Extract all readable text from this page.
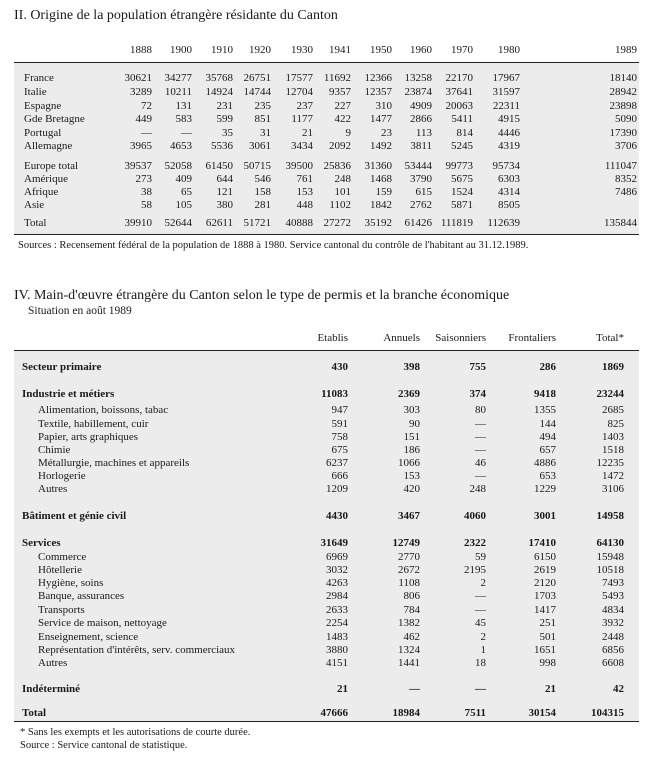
II. Origine de la population étrangère résidante du Canton
1888 1900 1910 1920 1930 1941 1950 1960 1970 1980	1989
France	30621 34277 35768 26751 17577 11692 12366 13258 22170 17967	18140
Italie	3289 10211 14924 14744 12704 9357 12357 23874 37641 31597	28942
Espagne	72 131 231 235 237 227 310 4909 20063 22311	23898
Gde Bretagne	449 583 599 851 1177 422 1477 2866 5411 4915	5090
Portugal	—	—	35 31	21	9	23 113 814 4446	17390
Allemagne	3965 4653 5536 3061 3434 2092 1492 3811 5245 4319	3706
Europe total	39537 52058 61450 50715 39500 25836 31360 53444 99773 95734	111047
Amérique	273 409 644 546 761 248 1468 3790 5675 6303	8352
Afrique	38	65 121 158 153 101 159 615 1524 4314	7486
Asie	58 105 380 281 448 1102 1842 2762 5871 8505
Total	39910 52644 62611 51721 40888 27272 35192 61426 111819 112639	135844
Sources : Recensement fédéral de la population de 1888 à 1980. Service cantonal du contrôle de l'habitant au 31.12.1989.
IV. Main-d'œuvre étrangère du Canton selon le type de permis et la branche économique
Situation en août 1989
Etablis	Annuels Saisonniers Frontaliers	Total*
Secteur primaire	430	398	755	286	1869
Industrie et métiers	11083	2369	374	9418	23244
Alimentation, boissons, tabac	947	303	80	1355	2685
Textile, habillement, cuir	591	90	—	144	825
Papier, arts graphiques	758	151	—	494	1403
Chimie	675	186	—	657	1518
Métallurgie, machines et appareils	6237	1066	46	4886	12235
Horlogerie	666	153	—	653	1472
Autres	1209	420	248	1229	3106
Bâtiment et génie civil	4430	3467	4060	3001	14958
Services	31649	12749	2322	17410	64130
Commerce	6969	2770	59	6150	15948
Hôtellerie	3032	2672	2195	2619	10518
Hygiène, soins	4263	1108	2	2120	7493
Banque, assurances	2984	806	—	1703	5493
Transports	2633	784	—	1417	4834
Service de maison, nettoyage	2254	1382	45	251	3932
Enseignement, science	1483	462	2	501	2448
Représentation d'intérêts, serv. commerciaux	3880	1324	1	1651	6856
Autres	4151	1441	18	998	6608
Indéterminé	21	—	—	21	42
Total	47666	18984	7511	30154	104315
* Sans les exempts et les autorisations de courte durée.
Source : Service cantonal de statistique.
